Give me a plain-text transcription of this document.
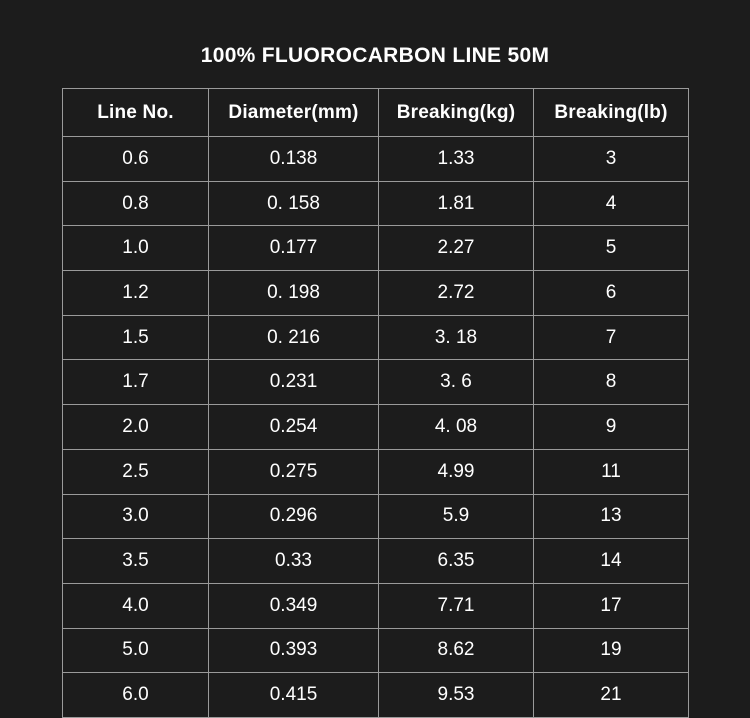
100% FLUOROCARBON LINE 50M
Line No.	Diameter(mm)	Breaking(kg)	Breaking(lb)
0.6	0.138	1.33	3
0.8	0. 158	1.81	4
1.0	0.177	2.27	5
1.2	0. 198	2.72	6
1.5	0. 216	3. 18	7
1.7	0.231	3. 6	8
2.0	0.254	4. 08	9
2.5	0.275	4.99	11
3.0	0.296	5.9	13
3.5	0.33	6.35	14
4.0	0.349	7.71	17
5.0	0.393	8.62	19
6.0	0.415	9.53	21
